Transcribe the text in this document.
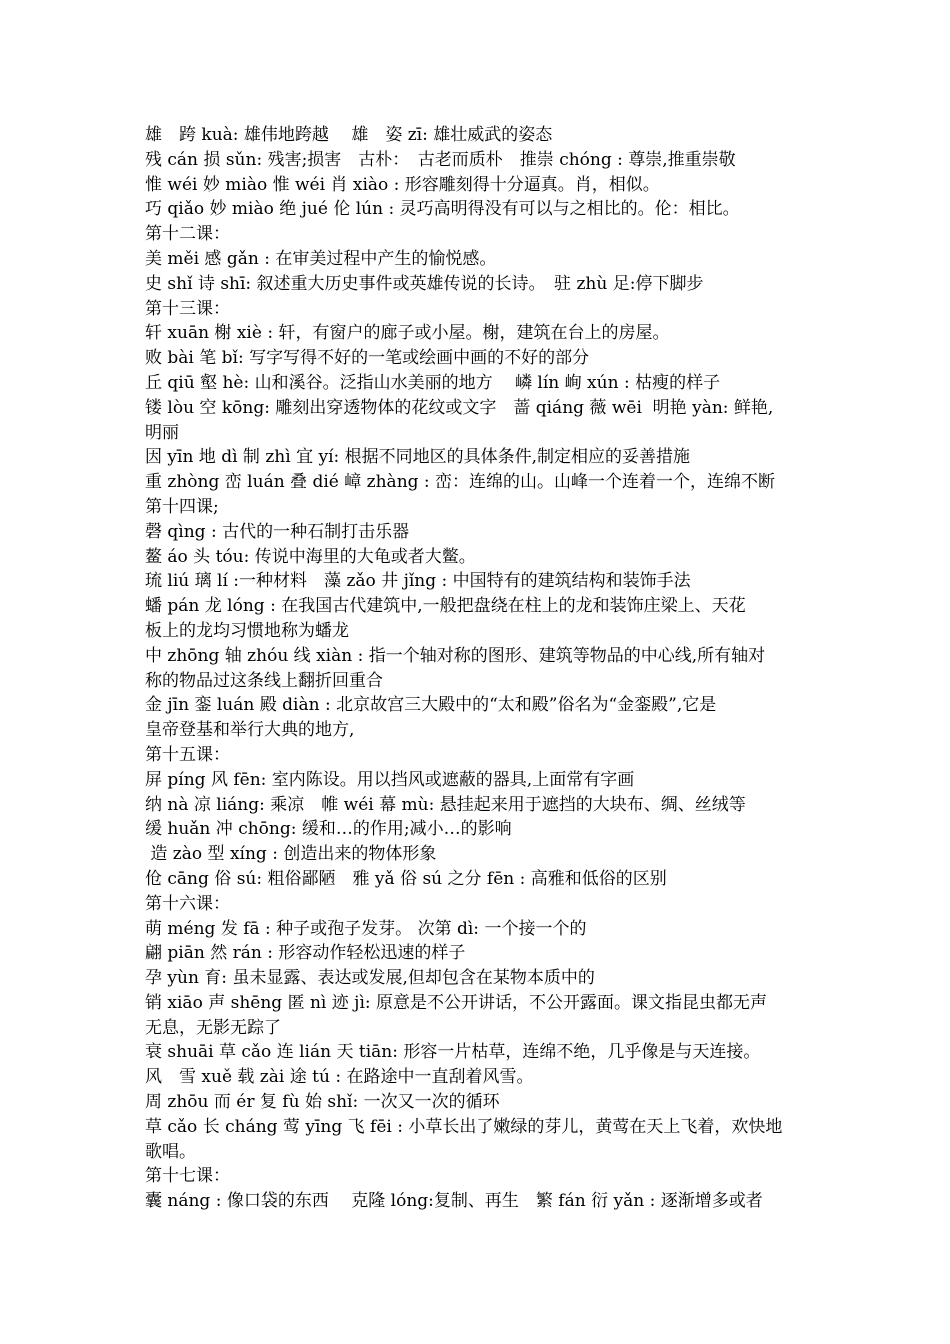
雄　跨 kuà: 雄伟地跨越　 雄　姿 zī: 雄壮威武的姿态
残 cán 损 sǔn: 残害;损害　古朴：　古老而质朴　推崇 chóng : 尊崇,推重崇敬
惟 wéi 妙 miào 惟 wéi 肖 xiào : 形容雕刻得十分逼真。肖，相似。
巧 qiǎo 妙 miào 绝 jué 伦 lún : 灵巧高明得没有可以与之相比的。伦：相比。
第十二课：
美 měi 感 gǎn : 在审美过程中产生的愉悦感。
史 shǐ 诗 shī: 叙述重大历史事件或英雄传说的长诗。　驻 zhù 足:停下脚步
第十三课：
轩 xuān 榭 xiè : 轩，有窗户的廊子或小屋。榭，建筑在台上的房屋。
败 bài 笔 bǐ: 写字写得不好的一笔或绘画中画的不好的部分
丘 qiū 壑 hè: 山和溪谷。泛指山水美丽的地方　 嶙 lín 峋 xún : 枯瘦的样子
镂 lòu 空 kōng: 雕刻出穿透物体的花纹或文字　蔷 qiáng 薇 wēi  明艳 yàn: 鲜艳,
明丽
因 yīn 地 dì 制 zhì 宜 yí: 根据不同地区的具体条件,制定相应的妥善措施
重 zhòng 峦 luán 叠 dié 嶂 zhàng : 峦：连绵的山。山峰一个连着一个，连绵不断
第十四课;
磬 qìng : 古代的一种石制打击乐器
鳌 áo 头 tóu: 传说中海里的大龟或者大鳖。
琉 liú 璃 lí :一种材料　藻 zǎo 井 jǐng : 中国特有的建筑结构和装饰手法
蟠 pán 龙 lóng : 在我国古代建筑中,一般把盘绕在柱上的龙和装饰庄梁上、天花
板上的龙均习惯地称为蟠龙
中 zhōng 轴 zhóu 线 xiàn : 指一个轴对称的图形、建筑等物品的中心线,所有轴对
称的物品过这条线上翻折回重合
金 jīn 銮 luán 殿 diàn : 北京故宫三大殿中的“太和殿”俗名为“金銮殿”,它是
皇帝登基和举行大典的地方,
第十五课：
屏 píng 风 fēn: 室内陈设。用以挡风或遮蔽的器具,上面常有字画
纳 nà 凉 liáng: 乘凉　帷 wéi 幕 mù: 悬挂起来用于遮挡的大块布、绸、丝绒等
缓 huǎn 冲 chōng: 缓和…的作用;减小…的影响
造 zào 型 xíng : 创造出来的物体形象
伧 cāng 俗 sú: 粗俗鄙陋　雅 yǎ 俗 sú 之分 fēn : 高雅和低俗的区别
第十六课：
萌 méng 发 fā : 种子或孢子发芽。 次第 dì: 一个接一个的
翩 piān 然 rán : 形容动作轻松迅速的样子
孕 yùn 育: 虽未显露、表达或发展,但却包含在某物本质中的
销 xiāo 声 shēng 匿 nì 迹 jì: 原意是不公开讲话，不公开露面。课文指昆虫都无声
无息，无影无踪了
衰 shuāi 草 cǎo 连 lián 天 tiān: 形容一片枯草，连绵不绝，几乎像是与天连接。
风　雪 xuě 载 zài 途 tú : 在路途中一直刮着风雪。
周 zhōu 而 ér 复 fù 始 shǐ: 一次又一次的循环
草 cǎo 长 cháng 莺 yīng 飞 fēi : 小草长出了嫩绿的芽儿，黄莺在天上飞着，欢快地
歌唱。
第十七课：
囊 náng : 像口袋的东西　 克隆 lóng:复制、再生　繁 fán 衍 yǎn : 逐渐增多或者
